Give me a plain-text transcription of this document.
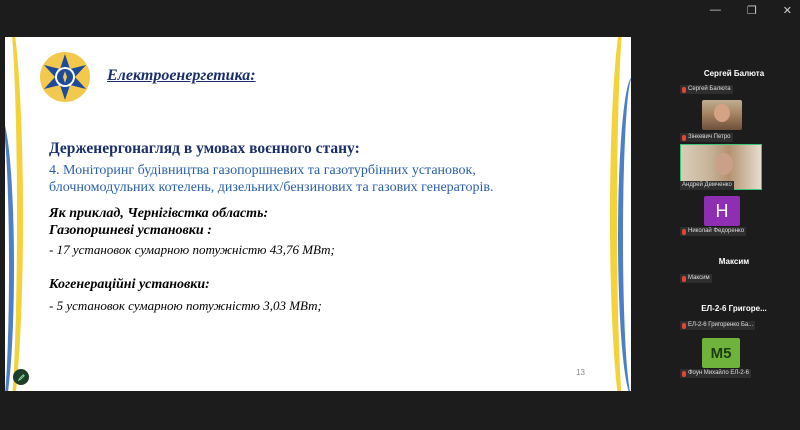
— ❐ ✕
Електроенергетика:
Держенергонагляд в умовах воєнного стану:
4. Моніторинг будівництва газопоршневих та газотурбінних установок, блочномодульних котелень, дизельних/бензинових та газових генераторів.
Як приклад, Чернігівстка область:
Газопоршневі установки :
- 17 установок сумарною потужністю 43,76 МВт;
Когенераційні установки:
- 5 установок сумарною потужністю 3,03 МВт;
13
Сергей Балюта
Сергей Балюта
Зінкевич Петро
Андрей Демченко
H
Николай Федоренко
Максим
Максим
ЕЛ-2-6 Григоре...
ЕЛ-2-6 Григоренко Ба...
M5
Фоун Михайло ЕЛ-2-6
